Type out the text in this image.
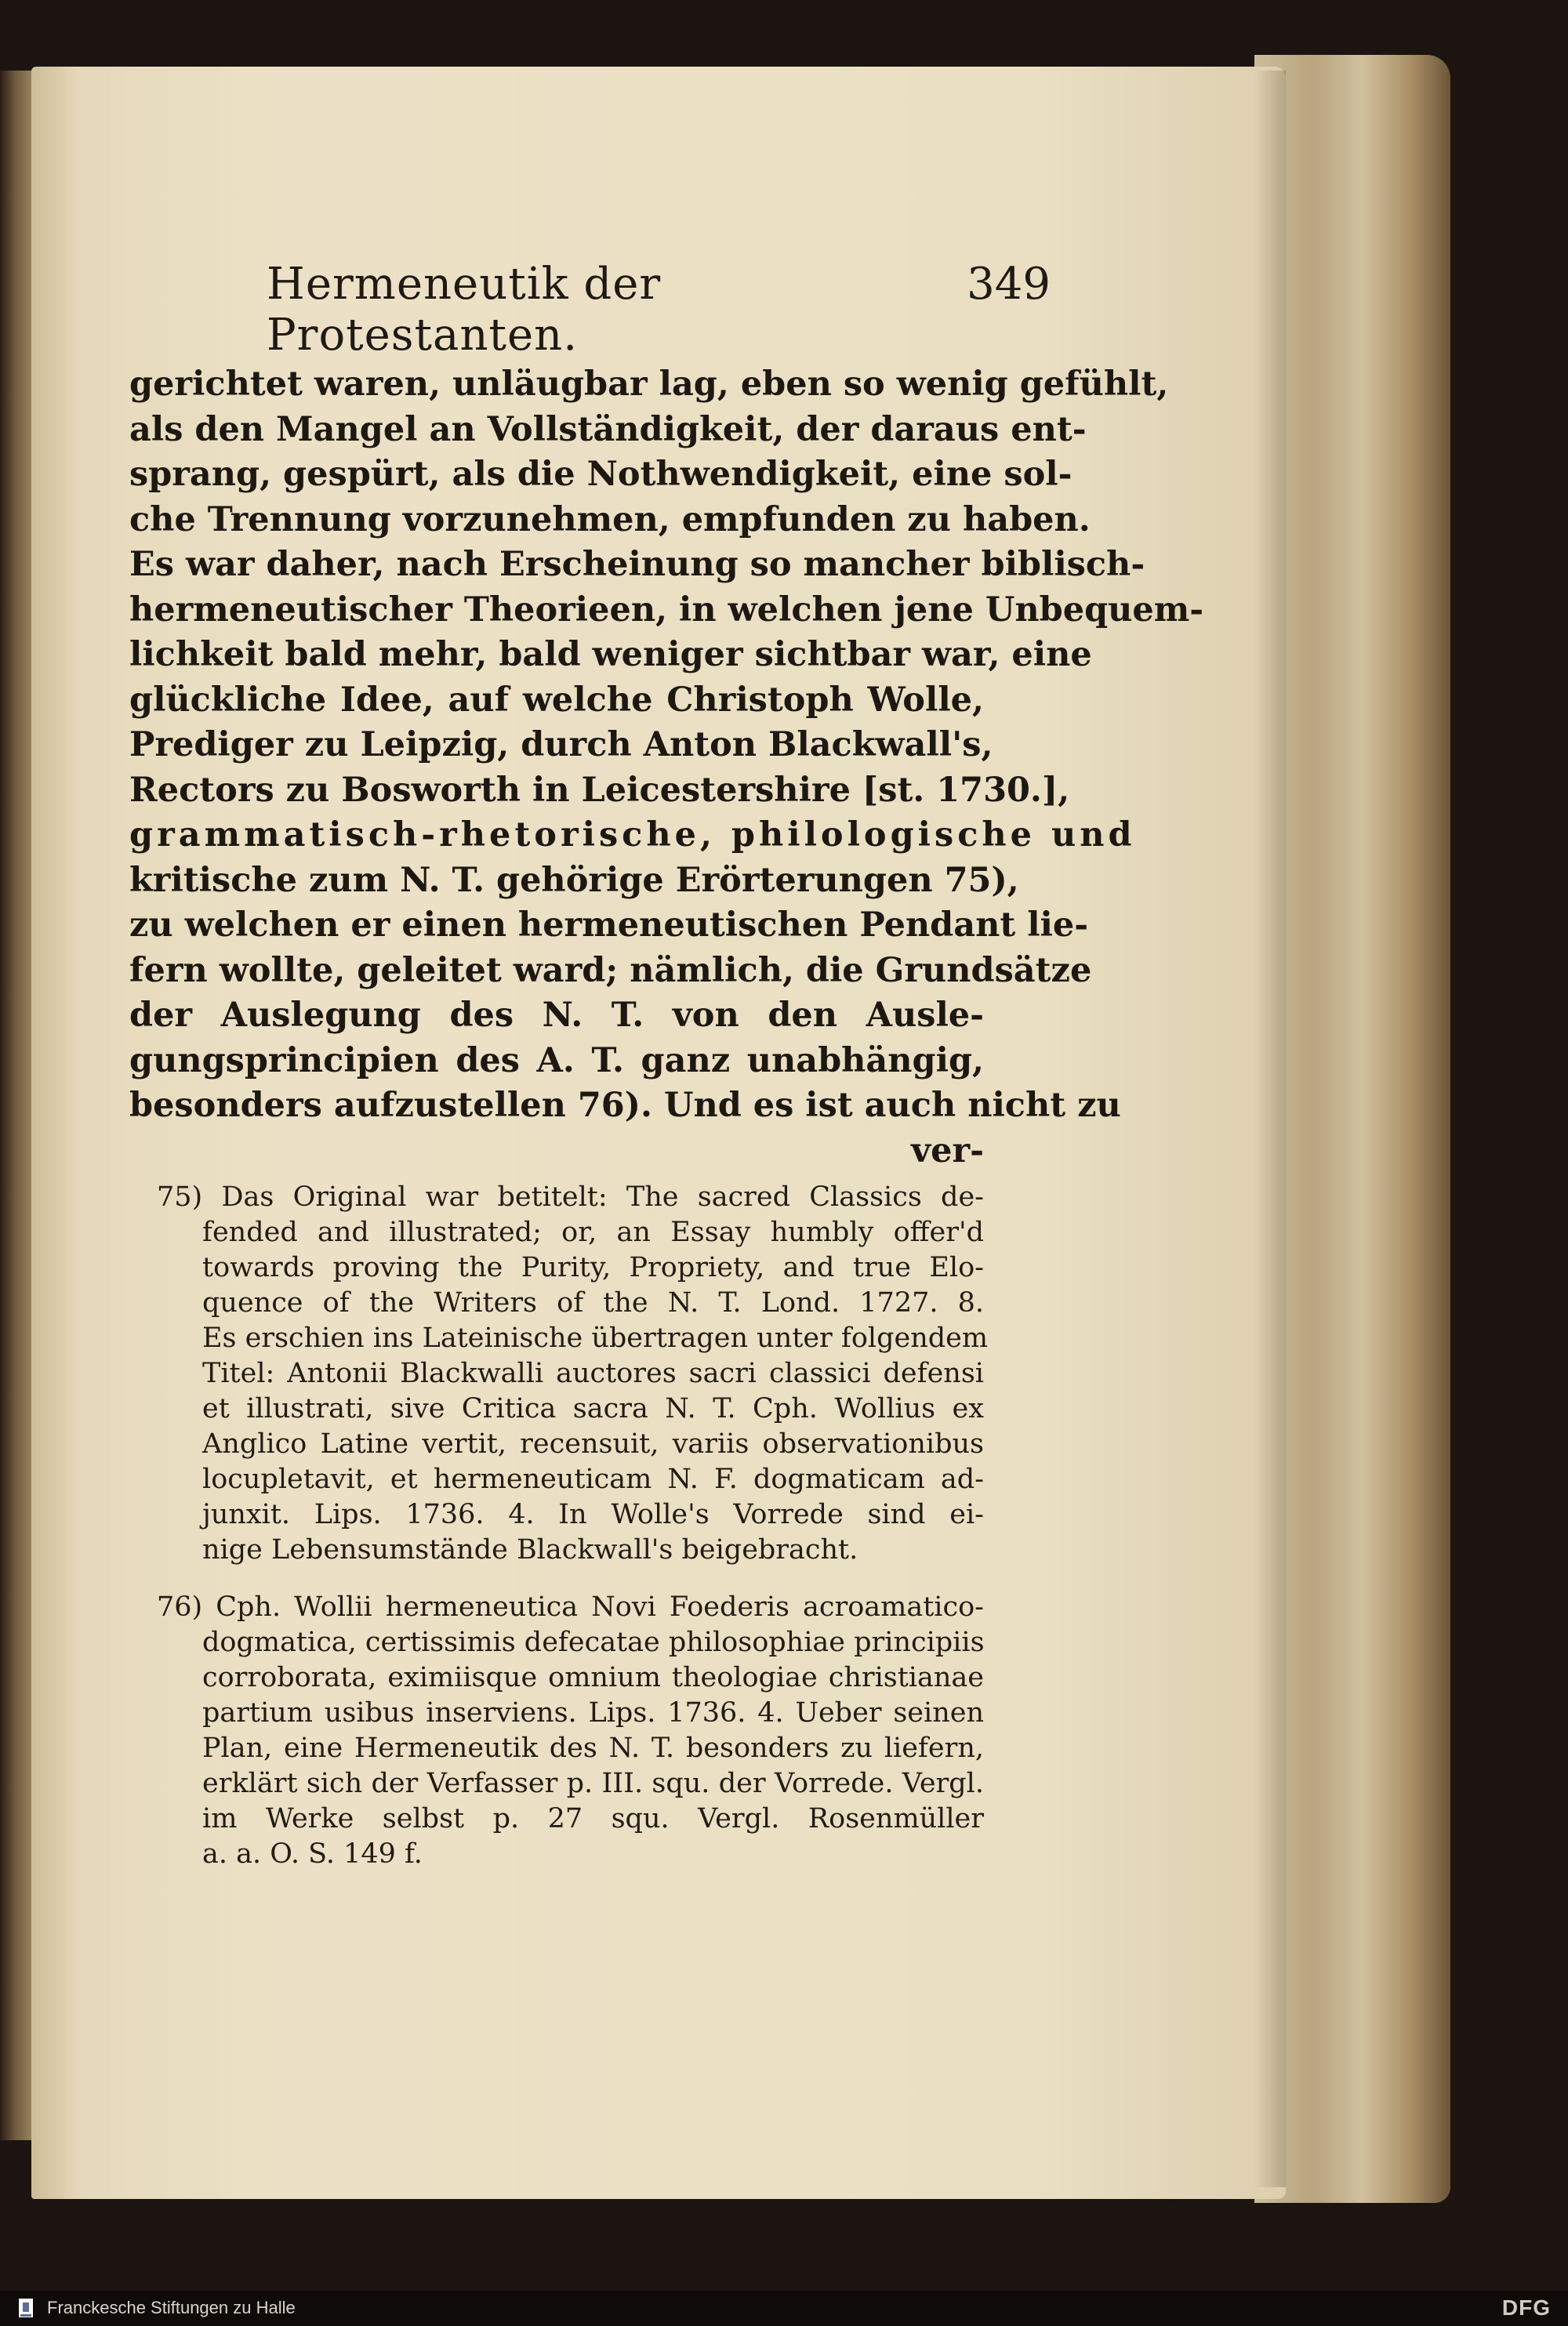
Hermeneutik der Protestanten.
349
gerichtet waren, unläugbar lag, eben so wenig gefühlt,
als den Mangel an Vollständigkeit, der daraus ent-
sprang, gespürt, als die Nothwendigkeit, eine sol-
che Trennung vorzunehmen, empfunden zu haben.
Es war daher, nach Erscheinung so mancher biblisch-
hermeneutischer Theorieen, in welchen jene Unbequem-
lichkeit bald mehr, bald weniger sichtbar war, eine
glückliche Idee, auf welche Christoph Wolle,
Prediger zu Leipzig, durch Anton Blackwall's,
Rectors zu Bosworth in Leicestershire [st. 1730.],
grammatisch-rhetorische, philologische und
kritische zum N. T. gehörige Erörterungen 75),
zu welchen er einen hermeneutischen Pendant lie-
fern wollte, geleitet ward; nämlich, die Grundsätze
der Auslegung des N. T. von den Ausle-
gungsprincipien des A. T. ganz unabhängig,
besonders aufzustellen 76). Und es ist auch nicht zu
ver-
75) Das Original war betitelt: The sacred Classics de-
fended and illustrated; or, an Essay humbly offer'd
towards proving the Purity, Propriety, and true Elo-
quence of the Writers of the N. T. Lond. 1727. 8.
Es erschien ins Lateinische übertragen unter folgendem
Titel: Antonii Blackwalli auctores sacri classici defensi
et illustrati, sive Critica sacra N. T. Cph. Wollius ex
Anglico Latine vertit, recensuit, variis observationibus
locupletavit, et hermeneuticam N. F. dogmaticam ad-
junxit. Lips. 1736. 4. In Wolle's Vorrede sind ei-
nige Lebensumstände Blackwall's beigebracht.
76) Cph. Wollii hermeneutica Novi Foederis acroamatico-
dogmatica, certissimis defecatae philosophiae principiis
corroborata, eximiisque omnium theologiae christianae
partium usibus inserviens. Lips. 1736. 4. Ueber seinen
Plan, eine Hermeneutik des N. T. besonders zu liefern,
erklärt sich der Verfasser p. III. squ. der Vorrede. Vergl.
im Werke selbst p. 27 squ. Vergl. Rosenmüller
a. a. O. S. 149 f.
Franckesche Stiftungen zu Halle	DFG
